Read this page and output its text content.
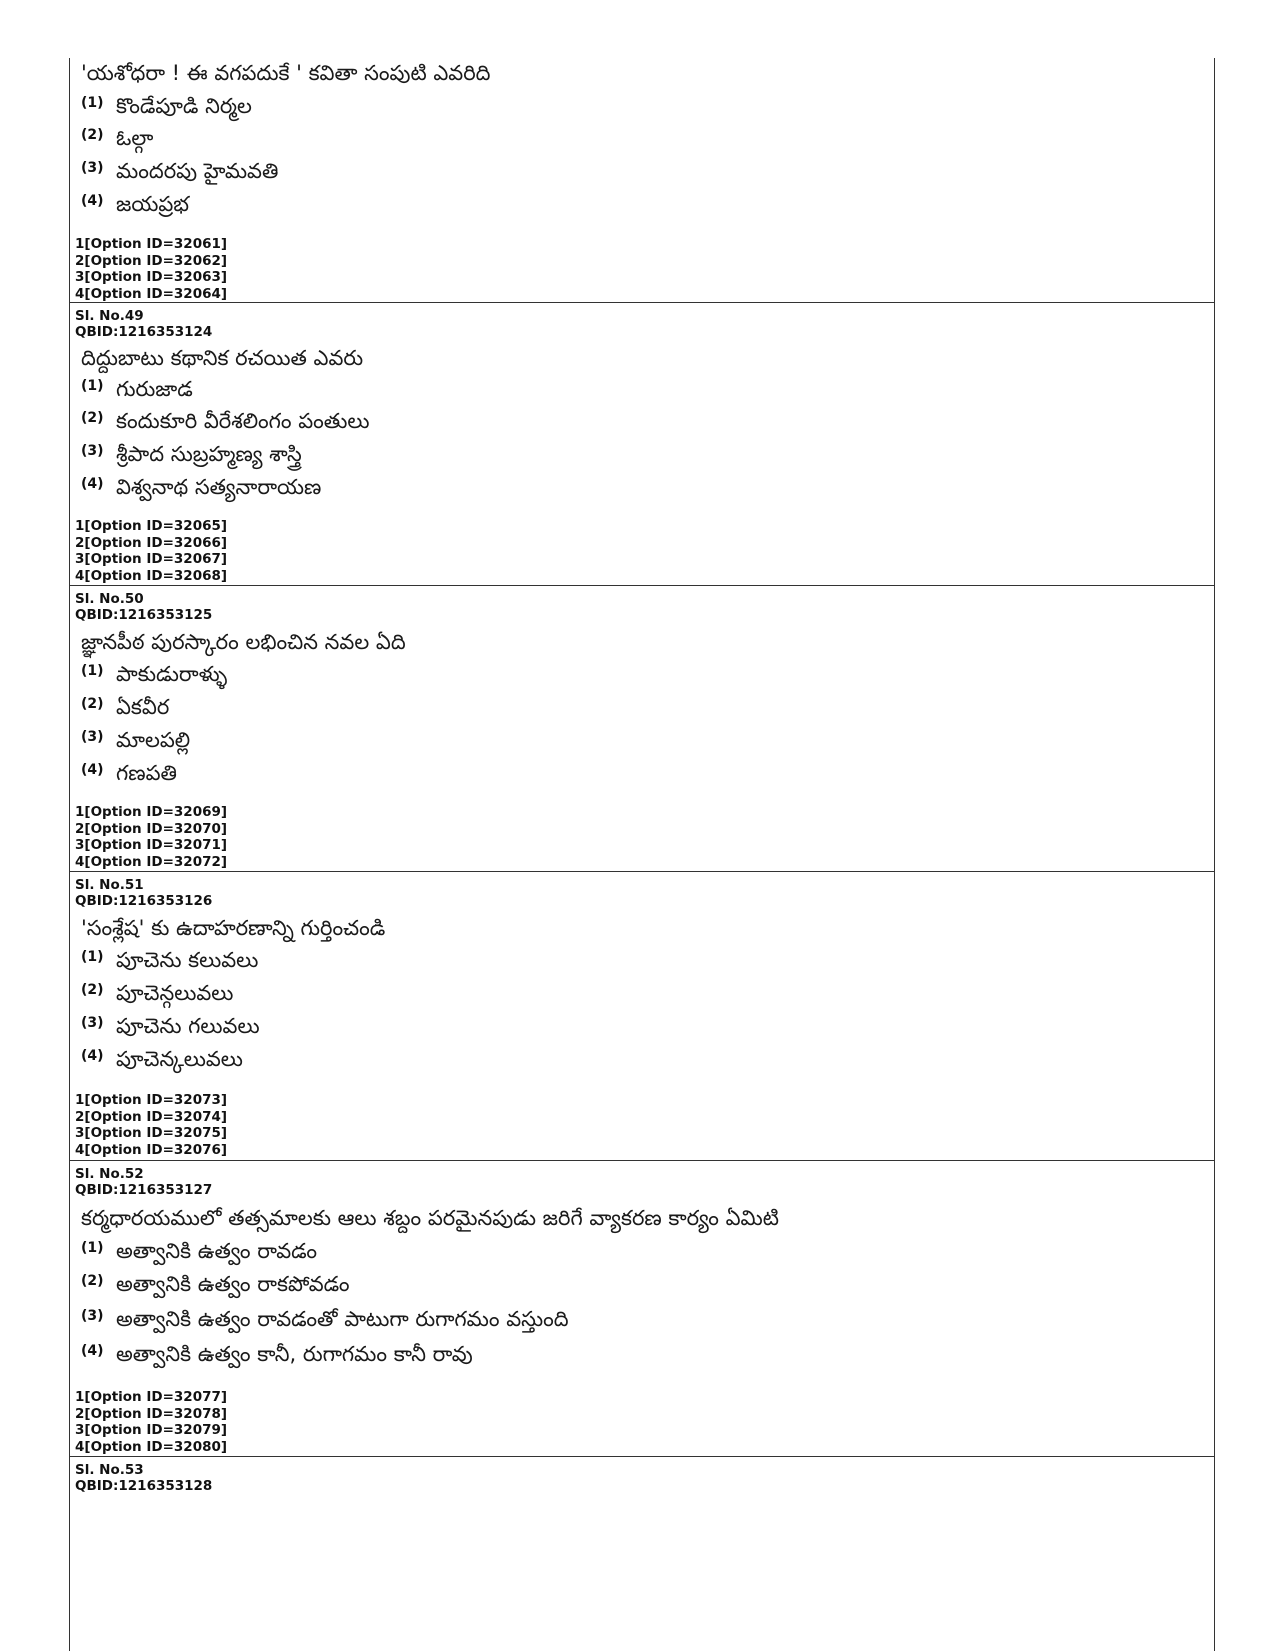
'యశోధరా ! ఈ వగపదుకే ' కవితా సంపుటి ఎవరిది
(1) కొండేపూడి నిర్మల
(2) ఓల్గా
(3) మందరపు హైమవతి
(4) జయప్రభ
1[Option ID=32061]
2[Option ID=32062]
3[Option ID=32063]
4[Option ID=32064]
Sl. No.49
QBID:1216353124
దిద్దుబాటు కథానిక రచయిత ఎవరు
(1) గురుజాడ
(2) కందుకూరి వీరేశలింగం పంతులు
(3) శ్రీపాద సుబ్రహ్మణ్య శాస్త్రి
(4) విశ్వనాథ సత్యనారాయణ
1[Option ID=32065]
2[Option ID=32066]
3[Option ID=32067]
4[Option ID=32068]
Sl. No.50
QBID:1216353125
జ్ఞానపీఠ పురస్కారం లభించిన నవల ఏది
(1) పాకుడురాళ్ళు
(2) ఏకవీర
(3) మాలపల్లి
(4) గణపతి
1[Option ID=32069]
2[Option ID=32070]
3[Option ID=32071]
4[Option ID=32072]
Sl. No.51
QBID:1216353126
'సంశ్లేష' కు ఉదాహరణాన్ని గుర్తించండి
(1) పూచెను కలువలు
(2) పూచెన్గలువలు
(3) పూచెను గలువలు
(4) పూచెన్కలువలు
1[Option ID=32073]
2[Option ID=32074]
3[Option ID=32075]
4[Option ID=32076]
Sl. No.52
QBID:1216353127
కర్మధారయములో తత్సమాలకు ఆలు శబ్దం పరమైనపుడు జరిగే వ్యాకరణ కార్యం ఏమిటి
(1) అత్వానికి ఉత్వం రావడం
(2) అత్వానికి ఉత్వం రాకపోవడం
(3) అత్వానికి ఉత్వం రావడంతో పాటుగా రుగాగమం వస్తుంది
(4) అత్వానికి ఉత్వం కానీ, రుగాగమం కానీ రావు
1[Option ID=32077]
2[Option ID=32078]
3[Option ID=32079]
4[Option ID=32080]
Sl. No.53
QBID:1216353128
